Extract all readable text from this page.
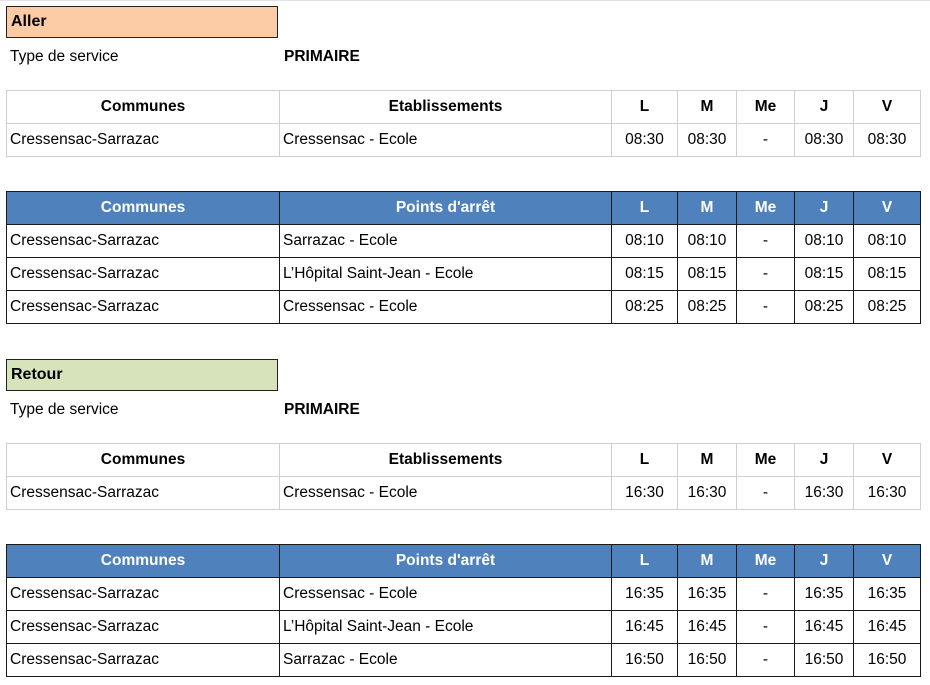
Aller
Type de service	PRIMAIRE
Communes	Etablissements	L	M	Me	J	V
Cressensac-Sarrazac	Cressensac - Ecole	08:30	08:30	-	08:30	08:30
Communes	Points d'arrêt	L	M	Me	J	V
Cressensac-Sarrazac	Sarrazac - Ecole	08:10	08:10	-	08:10	08:10
Cressensac-Sarrazac	L’Hôpital Saint-Jean - Ecole	08:15	08:15	-	08:15	08:15
Cressensac-Sarrazac	Cressensac - Ecole	08:25	08:25	-	08:25	08:25
Retour
Type de service	PRIMAIRE
Communes	Etablissements	L	M	Me	J	V
Cressensac-Sarrazac	Cressensac - Ecole	16:30	16:30	-	16:30	16:30
Communes	Points d'arrêt	L	M	Me	J	V
Cressensac-Sarrazac	Cressensac - Ecole	16:35	16:35	-	16:35	16:35
Cressensac-Sarrazac	L’Hôpital Saint-Jean - Ecole	16:45	16:45	-	16:45	16:45
Cressensac-Sarrazac	Sarrazac - Ecole	16:50	16:50	-	16:50	16:50
